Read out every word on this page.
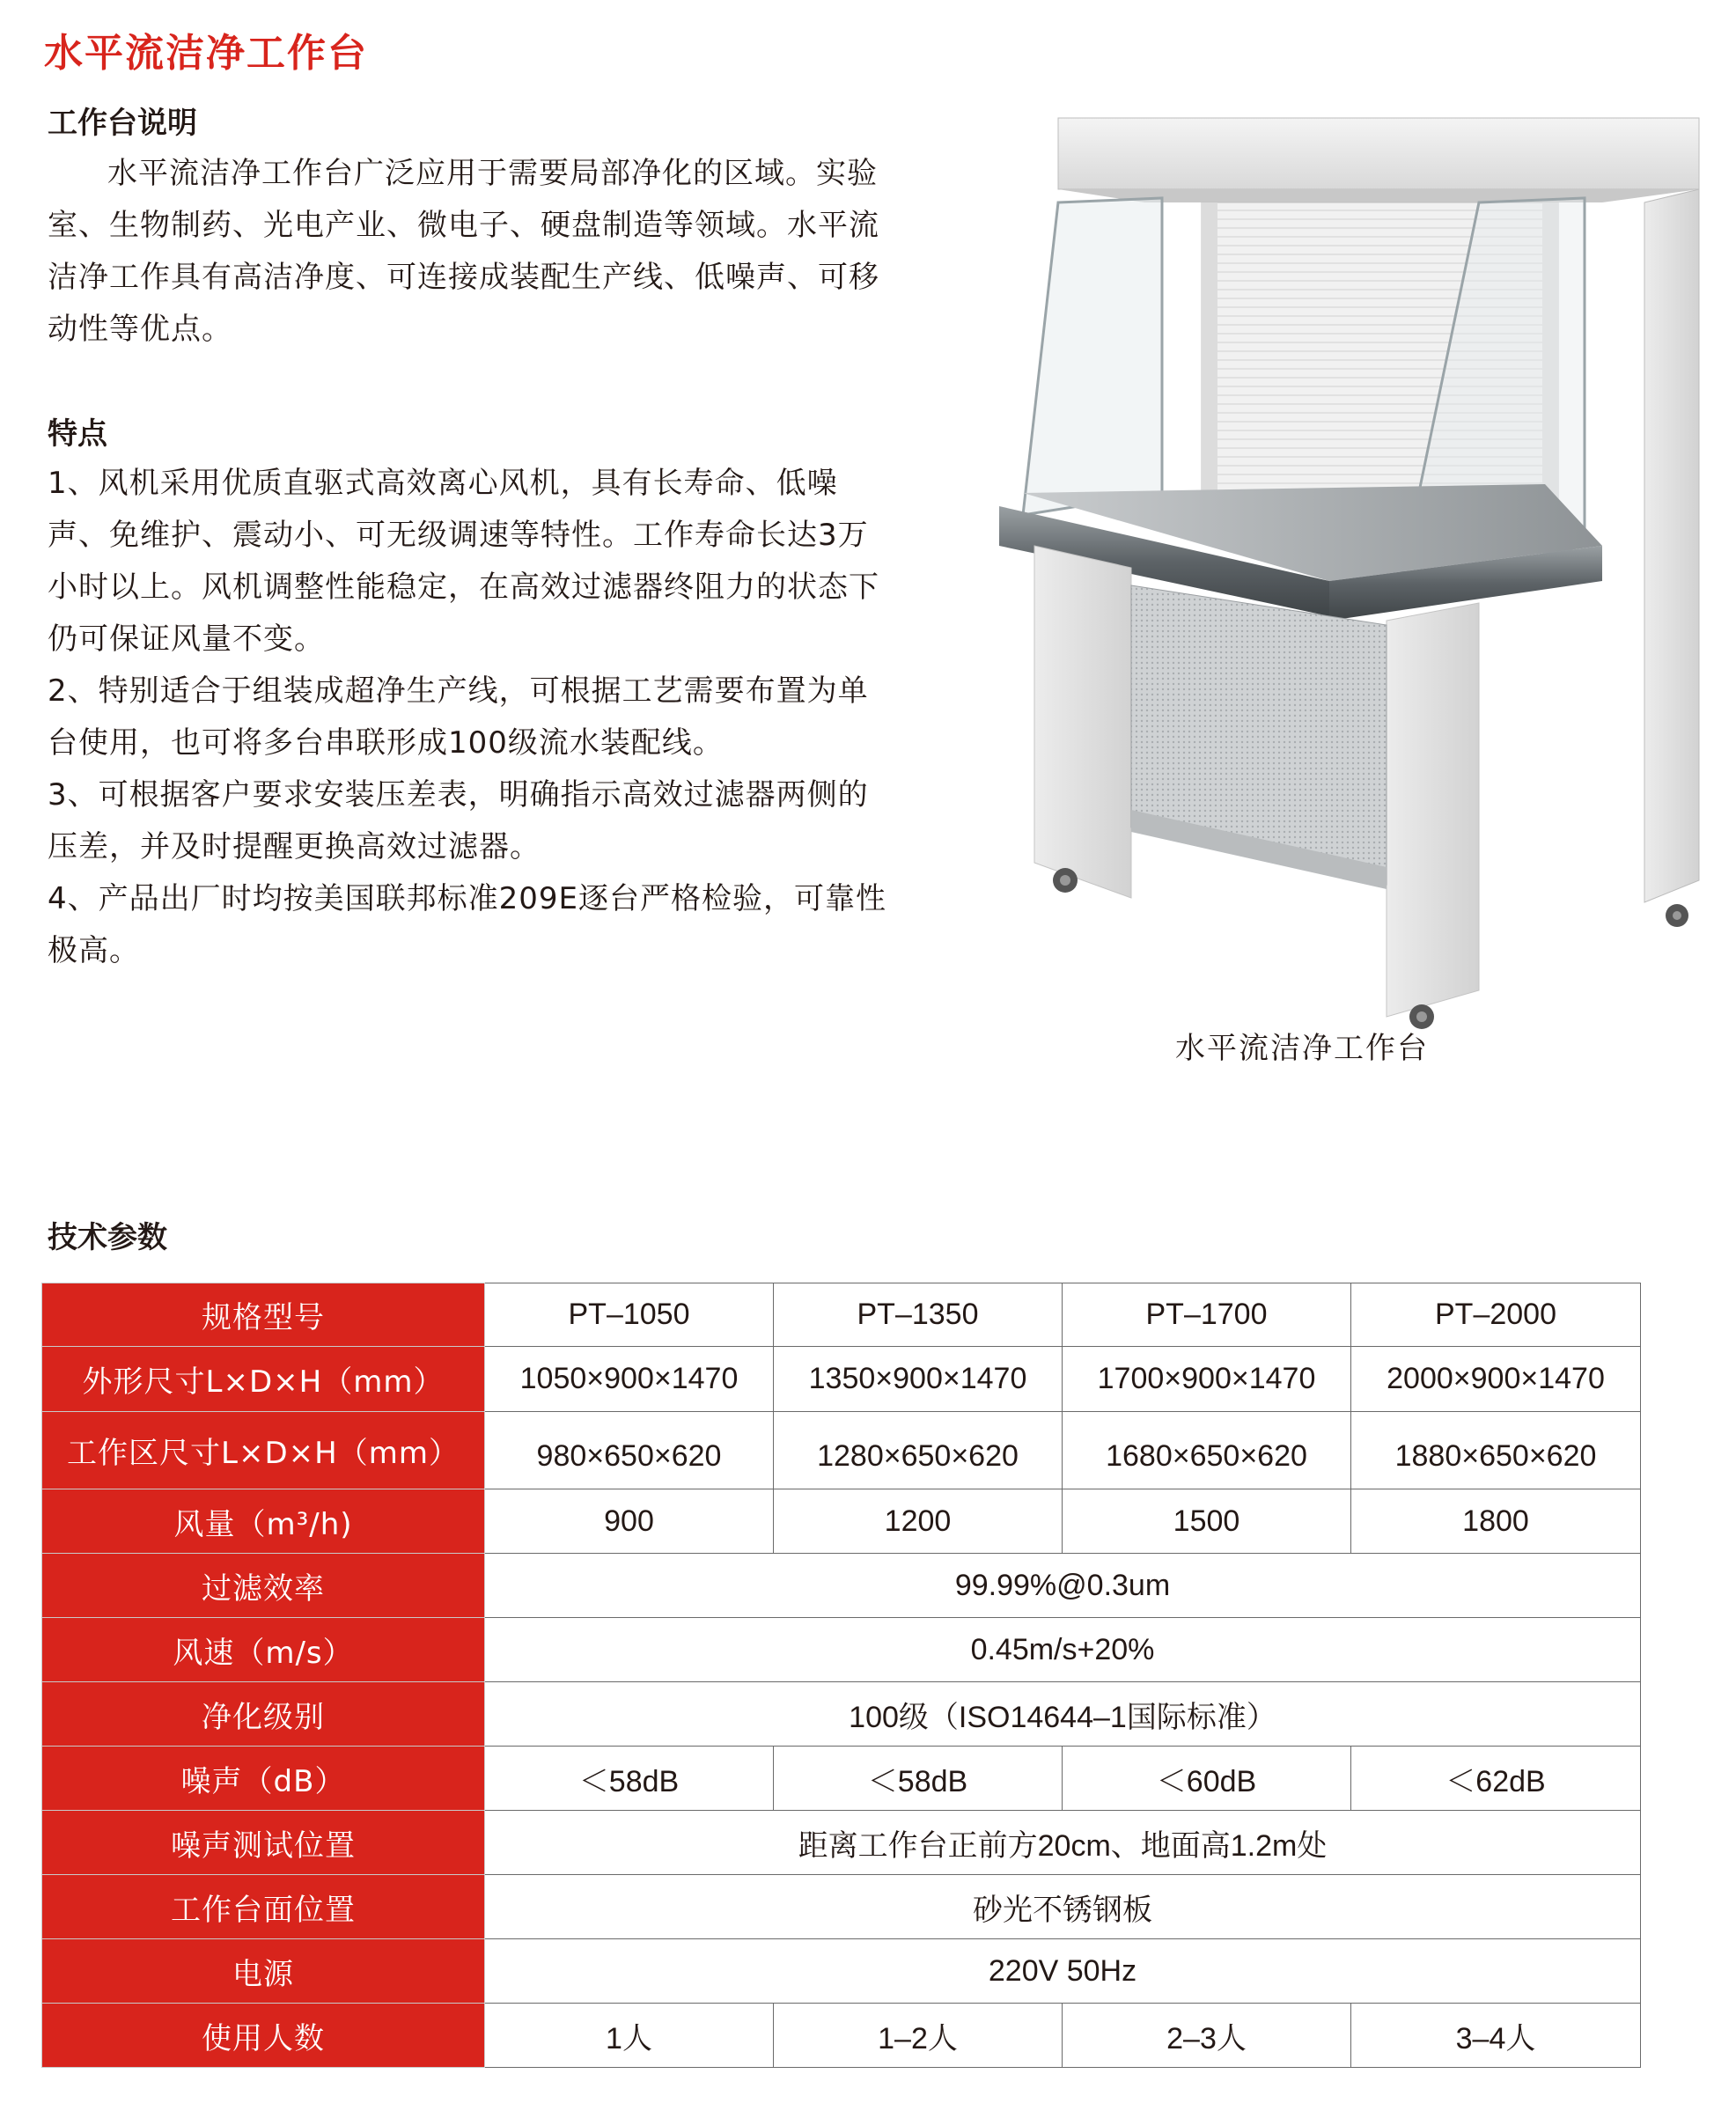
水平流洁净工作台
工作台说明
水平流洁净工作台广泛应用于需要局部净化的区域。实验室、生物制药、光电产业、微电子、硬盘制造等领域。水平流洁净工作具有高洁净度、可连接成装配生产线、低噪声、可移动性等优点。
特点

1、风机采用优质直驱式高效离心风机，具有长寿命、低噪声、免维护、震动小、可无级调速等特性。工作寿命长达3万小时以上。风机调整性能稳定，在高效过滤器终阻力的状态下仍可保证风量不变。

2、特别适合于组装成超净生产线，可根据工艺需要布置为单台使用，也可将多台串联形成100级流水装配线。

3、可根据客户要求安装压差表，明确指示高效过滤器两侧的压差，并及时提醒更换高效过滤器。

4、产品出厂时均按美国联邦标准209E逐台严格检验，可靠性极高。

水平流洁净工作台
技术参数
规格型号	PT–1050	PT–1350	PT–1700	PT–2000
外形尺寸L×D×H（mm）	1050×900×1470	1350×900×1470	1700×900×1470	2000×900×1470
工作区尺寸L×D×H（mm）	980×650×620	1280×650×620	1680×650×620	1880×650×620
风量（m³/h)	900	1200	1500	1800
过滤效率	99.99%@0.3um			
风速（m/s）	0.45m/s+20%			
净化级别	100级（ISO14644–1国际标准）			
噪声（dB）	＜58dB	＜58dB	＜60dB	＜62dB
噪声测试位置	距离工作台正前方20cm、地面高1.2m处			
工作台面位置	砂光不锈钢板			
电源	220V 50Hz			
使用人数	1人	1–2人	2–3人	3–4人
